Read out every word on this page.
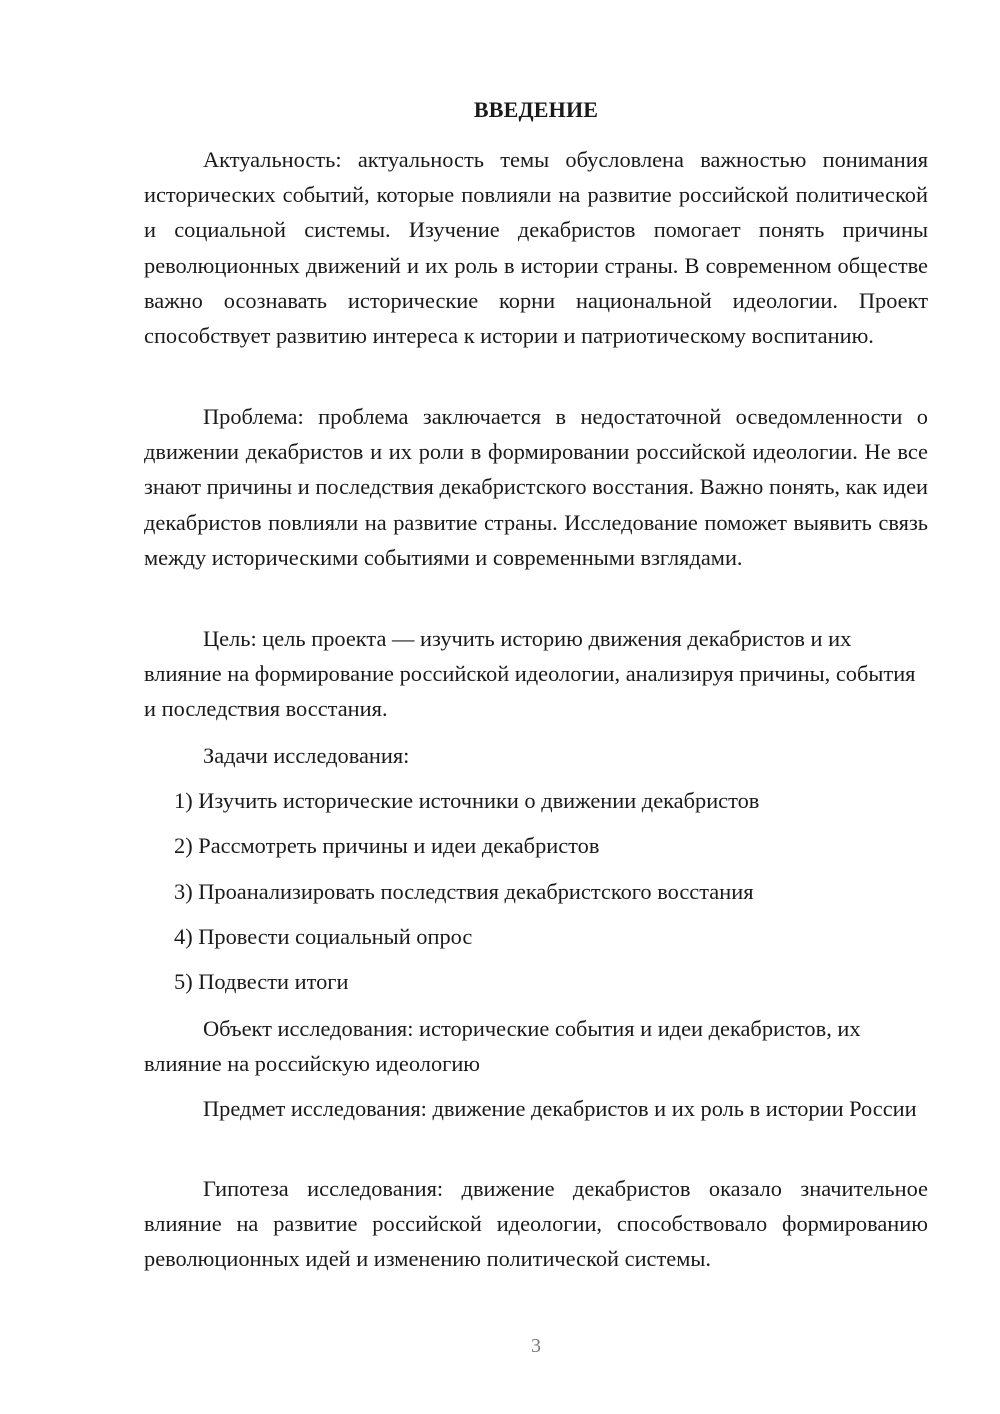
ВВЕДЕНИЕ

Актуальность: актуальность темы обусловлена важностью понимания исторических событий, которые повлияли на развитие российской политической и социальной системы. Изучение декабристов помогает понять причины революционных движений и их роль в истории страны. В современном обществе важно осознавать исторические корни национальной идеологии. Проект способствует развитию интереса к истории и патриотическому воспитанию.

Проблема: проблема заключается в недостаточной осведомленности о движении декабристов и их роли в формировании российской идеологии. Не все знают причины и последствия декабристского восстания. Важно понять, как идеи декабристов повлияли на развитие страны. Исследование поможет выявить связь между историческими событиями и современными взглядами.

Цель: цель проекта — изучить историю движения декабристов и их влияние на формирование российской идеологии, анализируя причины, события и последствия восстания.

Задачи исследования:

1) Изучить исторические источники о движении декабристов
2) Рассмотреть причины и идеи декабристов
3) Проанализировать последствия декабристского восстания
4) Провести социальный опрос
5) Подвести итоги

Объект исследования: исторические события и идеи декабристов, их влияние на российскую идеологию

Предмет исследования: движение декабристов и их роль в истории России

Гипотеза исследования: движение декабристов оказало значительное влияние на развитие российской идеологии, способствовало формированию революционных идей и изменению политической системы.

3
